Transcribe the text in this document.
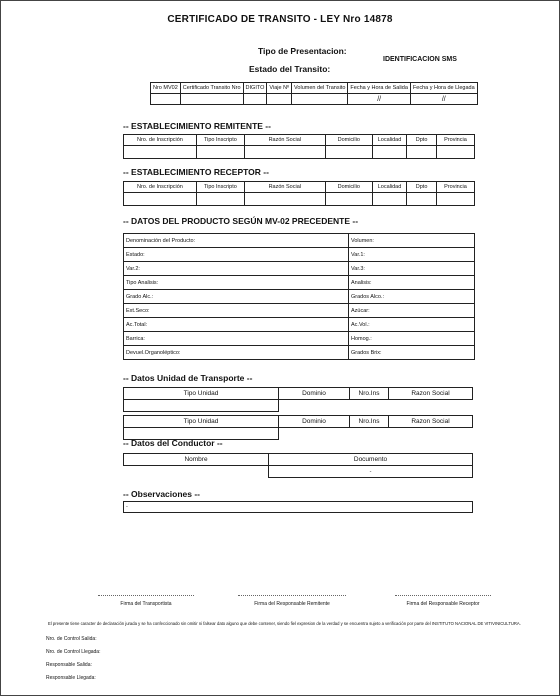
CERTIFICADO DE TRANSITO - LEY Nro 14878
Tipo de Presentacion:
IDENTIFICACION SMS
Estado del Transito:
Nro MV02	Certificado Transito Nro	DIGITO	Viaje Nº	Volumen del Transito	Fecha y Hora de Salida	Fecha y Hora de Llegada
					//	//
-- ESTABLECIMIENTO REMITENTE --
Nro. de Inscripción	Tipo Inscripto	Razón Social	Domicilio	Localidad	Dpto	Provincia

-- ESTABLECIMIENTO RECEPTOR --
Nro. de Inscripción	Tipo Inscripto	Razón Social	Domicilio	Localidad	Dpto	Provincia

-- DATOS DEL PRODUCTO SEGÚN MV-02 PRECEDENTE --
Denominación del Producto:	Volumen:
Estado:	Var.1:
Var.2:	Var.3:
Tipo Analisis:	Analisis:
Grado Alc.:	Grados Alco.:
Ext.Seco:	Azúcar:
Ac.Total:	Ac.Vol.:
Barrica:	Homog.:
Devuel.Organoléptico:	Grados Brix:
-- Datos Unidad de Transporte --
Tipo Unidad	Dominio	Nro.Ins	Razon Social

Tipo Unidad	Dominio	Nro.Ins	Razon Social

-- Datos del Conductor --
Nombre	Documento
	-
-- Observaciones --
-
Firma del Transportista	Firma del Responsable Remitente	Firma del Responsable Receptor
El presente tiene caracter de declaración jurada y se ha confeccionado sin omitir ni falsear dato alguno que debe contener, siendo fiel expresion de la verdad y se encuentra sujeto a verificación por parte del INSTITUTO NACIONAL DE VITIVINICULTURA.
Nro. de Control Salida:
Nro. de Control Llegada:
Responsable Salida:
Responsable Llegada:
